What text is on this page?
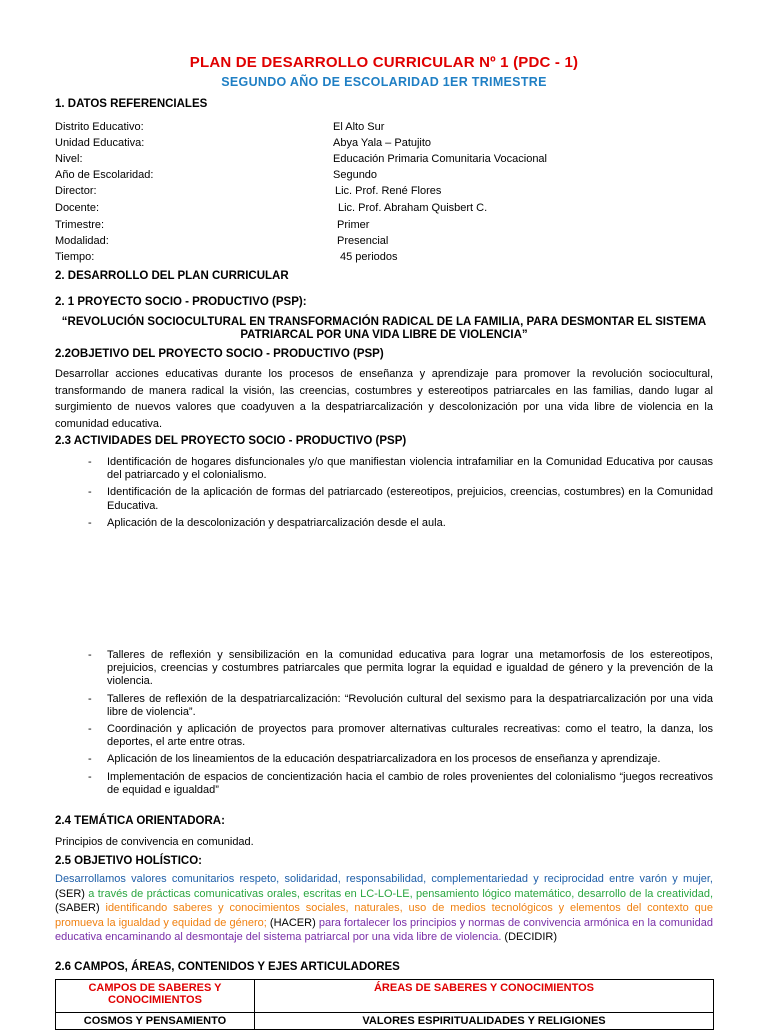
PLAN DE DESARROLLO CURRICULAR Nº 1 (PDC - 1)
SEGUNDO AÑO DE ESCOLARIDAD 1ER TRIMESTRE
1. DATOS REFERENCIALES
Distrito Educativo:	El Alto Sur
Unidad Educativa:	Abya Yala – Patujito
Nivel:	Educación Primaria Comunitaria Vocacional
Año de Escolaridad:	Segundo
Director:	Lic. Prof. René Flores
Docente:	Lic. Prof. Abraham Quisbert C.
Trimestre:	Primer
Modalidad:	Presencial
Tiempo:	45 periodos
2. DESARROLLO DEL PLAN CURRICULAR
2. 1 PROYECTO SOCIO - PRODUCTIVO (PSP):
“REVOLUCIÓN SOCIOCULTURAL EN TRANSFORMACIÓN RADICAL DE LA FAMILIA, PARA DESMONTAR EL SISTEMA
PATRIARCAL POR UNA VIDA LIBRE DE VIOLENCIA”
2.2OBJETIVO DEL PROYECTO SOCIO - PRODUCTIVO (PSP)
Desarrollar acciones educativas durante los procesos de enseñanza y aprendizaje para promover la revolución sociocultural, transformando de manera radical la visión, las creencias, costumbres y estereotipos patriarcales en las familias, dando lugar al surgimiento de nuevos valores que coadyuven a la despatriarcalización y descolonización por una vida libre de violencia en la comunidad educativa.
2.3 ACTIVIDADES DEL PROYECTO SOCIO - PRODUCTIVO (PSP)
- Identificación de hogares disfuncionales y/o que manifiestan violencia intrafamiliar en la Comunidad Educativa por causas del patriarcado y el colonialismo.
- Identificación de la aplicación de formas del patriarcado (estereotipos, prejuicios, creencias, costumbres) en la Comunidad Educativa.
- Aplicación de la descolonización y despatriarcalización desde el aula.
- Talleres de reflexión y sensibilización en la comunidad educativa para lograr una metamorfosis de los estereotipos, prejuicios, creencias y costumbres patriarcales que permita lograr la equidad e igualdad de género y la prevención de la violencia.
- Talleres de reflexión de la despatriarcalización: “Revolución cultural del sexismo para la despatriarcalización por una vida libre de violencia”.
- Coordinación y aplicación de proyectos para promover alternativas culturales recreativas: como el teatro, la danza, los deportes, el arte entre otras.
- Aplicación de los lineamientos de la educación despatriarcalizadora en los procesos de enseñanza y aprendizaje.
- Implementación de espacios de concientización hacia el cambio de roles provenientes del colonialismo “juegos recreativos de equidad e igualdad”
2.4 TEMÁTICA ORIENTADORA:
Principios de convivencia en comunidad.
2.5 OBJETIVO HOLÍSTICO:
Desarrollamos valores comunitarios respeto, solidaridad, responsabilidad, complementariedad y reciprocidad entre varón y mujer, (SER) a través de prácticas comunicativas orales, escritas en LC-LO-LE, pensamiento lógico matemático, desarrollo de la creatividad, (SABER) identificando saberes y conocimientos sociales, naturales, uso de medios tecnológicos y elementos del contexto que promueva la igualdad y equidad de género; (HACER) para fortalecer los principios y normas de convivencia armónica en la comunidad educativa encaminando al desmontaje del sistema patriarcal por una vida libre de violencia. (DECIDIR)
2.6 CAMPOS, ÁREAS, CONTENIDOS Y EJES ARTICULADORES
CAMPOS DE SABERES Y CONOCIMIENTOS	ÁREAS DE SABERES Y CONOCIMIENTOS
COSMOS Y PENSAMIENTO	VALORES ESPIRITUALIDADES Y RELIGIONES
